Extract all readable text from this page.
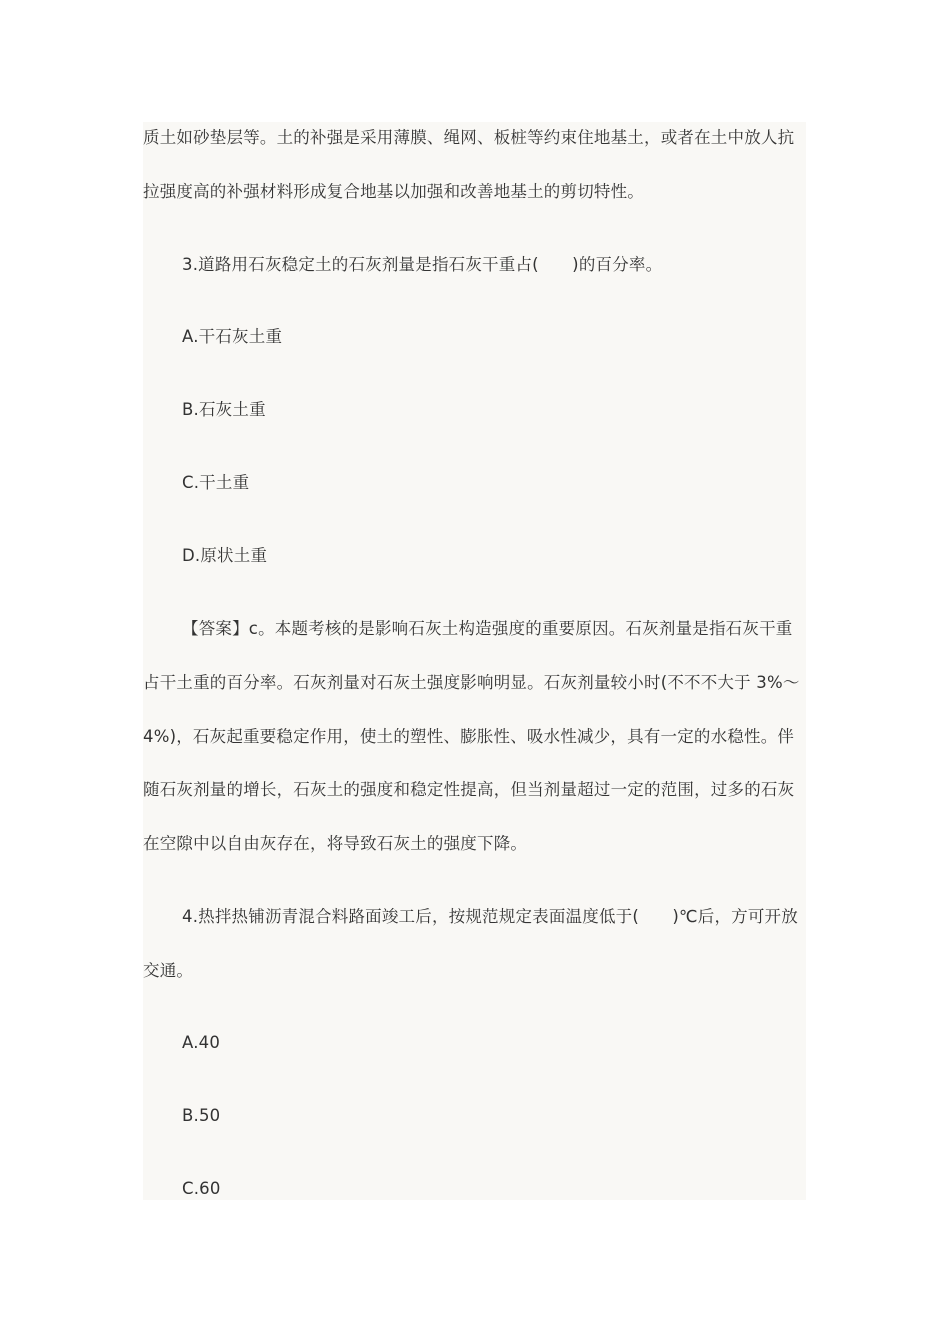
质土如砂垫层等。土的补强是采用薄膜、绳网、板桩等约束住地基土，或者在土中放人抗
拉强度高的补强材料形成复合地基以加强和改善地基土的剪切特性。
3.道路用石灰稳定土的石灰剂量是指石灰干重占(　　)的百分率。
A.干石灰土重
B.石灰土重
C.干土重
D.原状土重
【答案】c。本题考核的是影响石灰土构造强度的重要原因。石灰剂量是指石灰干重
占干土重的百分率。石灰剂量对石灰土强度影响明显。石灰剂量较小时(不不不大于 3%～
4%)，石灰起重要稳定作用，使土的塑性、膨胀性、吸水性减少，具有一定的水稳性。伴
随石灰剂量的增长，石灰土的强度和稳定性提高，但当剂量超过一定的范围，过多的石灰
在空隙中以自由灰存在，将导致石灰土的强度下降。
4.热拌热铺沥青混合料路面竣工后，按规范规定表面温度低于(　　)℃后，方可开放
交通。
A.40
B.50
C.60
